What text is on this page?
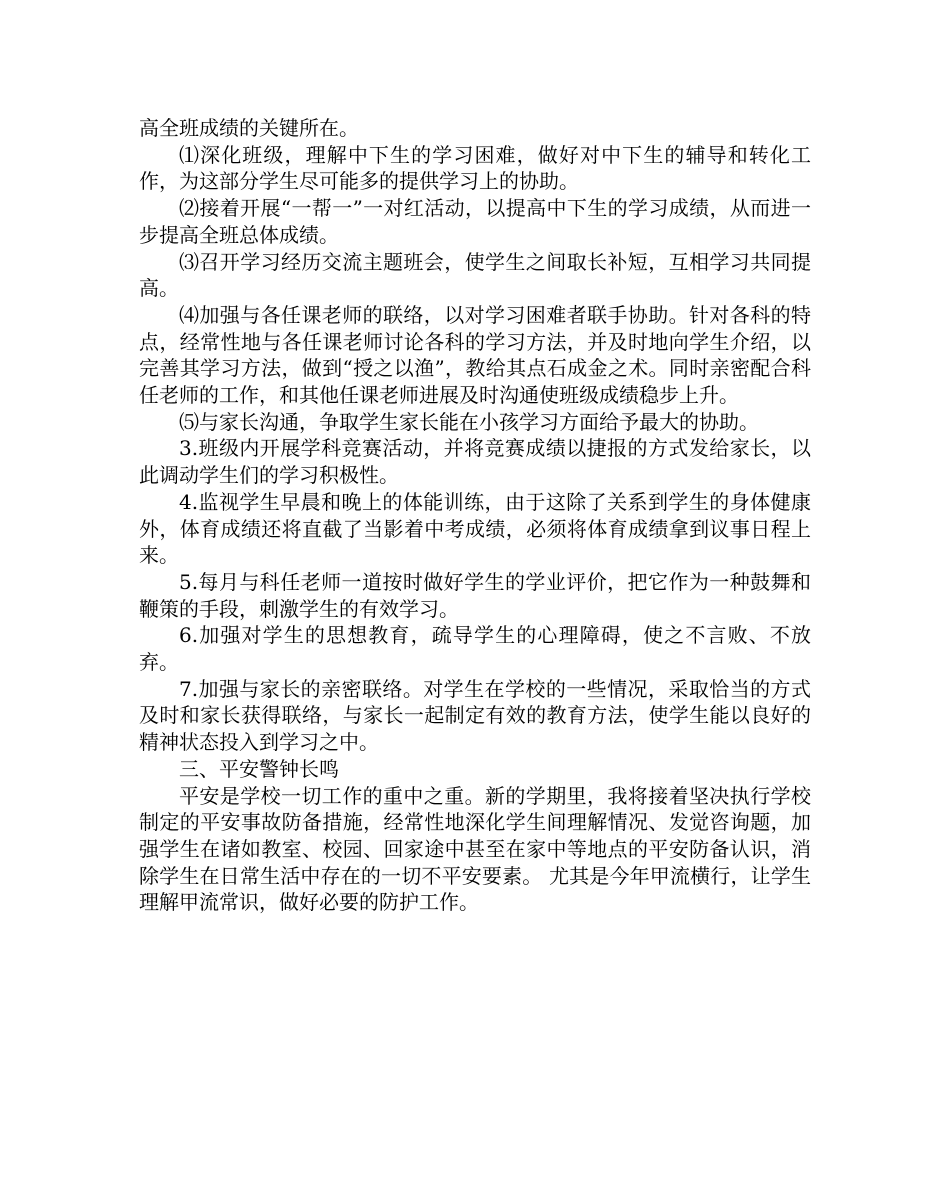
高全班成绩的关键所在。

⑴深化班级，理解中下生的学习困难，做好对中下生的辅导和转化工作，为这部分学生尽可能多的提供学习上的协助。

⑵接着开展“一帮一”一对红活动，以提高中下生的学习成绩，从而进一步提高全班总体成绩。

⑶召开学习经历交流主题班会，使学生之间取长补短，互相学习共同提高。

⑷加强与各任课老师的联络，以对学习困难者联手协助。针对各科的特点，经常性地与各任课老师讨论各科的学习方法，并及时地向学生介绍，以完善其学习方法，做到“授之以渔”，教给其点石成金之术。同时亲密配合科任老师的工作，和其他任课老师进展及时沟通使班级成绩稳步上升。

⑸与家长沟通，争取学生家长能在小孩学习方面给予最大的协助。

3.班级内开展学科竞赛活动，并将竞赛成绩以捷报的方式发给家长，以此调动学生们的学习积极性。

4.监视学生早晨和晚上的体能训练，由于这除了关系到学生的身体健康外，体育成绩还将直截了当影着中考成绩，必须将体育成绩拿到议事日程上来。

5.每月与科任老师一道按时做好学生的学业评价，把它作为一种鼓舞和鞭策的手段，刺激学生的有效学习。

6.加强对学生的思想教育，疏导学生的心理障碍，使之不言败、不放弃。

7.加强与家长的亲密联络。对学生在学校的一些情况，采取恰当的方式及时和家长获得联络，与家长一起制定有效的教育方法，使学生能以良好的精神状态投入到学习之中。

三、平安警钟长鸣

平安是学校一切工作的重中之重。新的学期里，我将接着坚决执行学校制定的平安事故防备措施，经常性地深化学生间理解情况、发觉咨询题，加强学生在诸如教室、校园、回家途中甚至在家中等地点的平安防备认识，消除学生在日常生活中存在的一切不平安要素。 尤其是今年甲流横行，让学生理解甲流常识，做好必要的防护工作。
